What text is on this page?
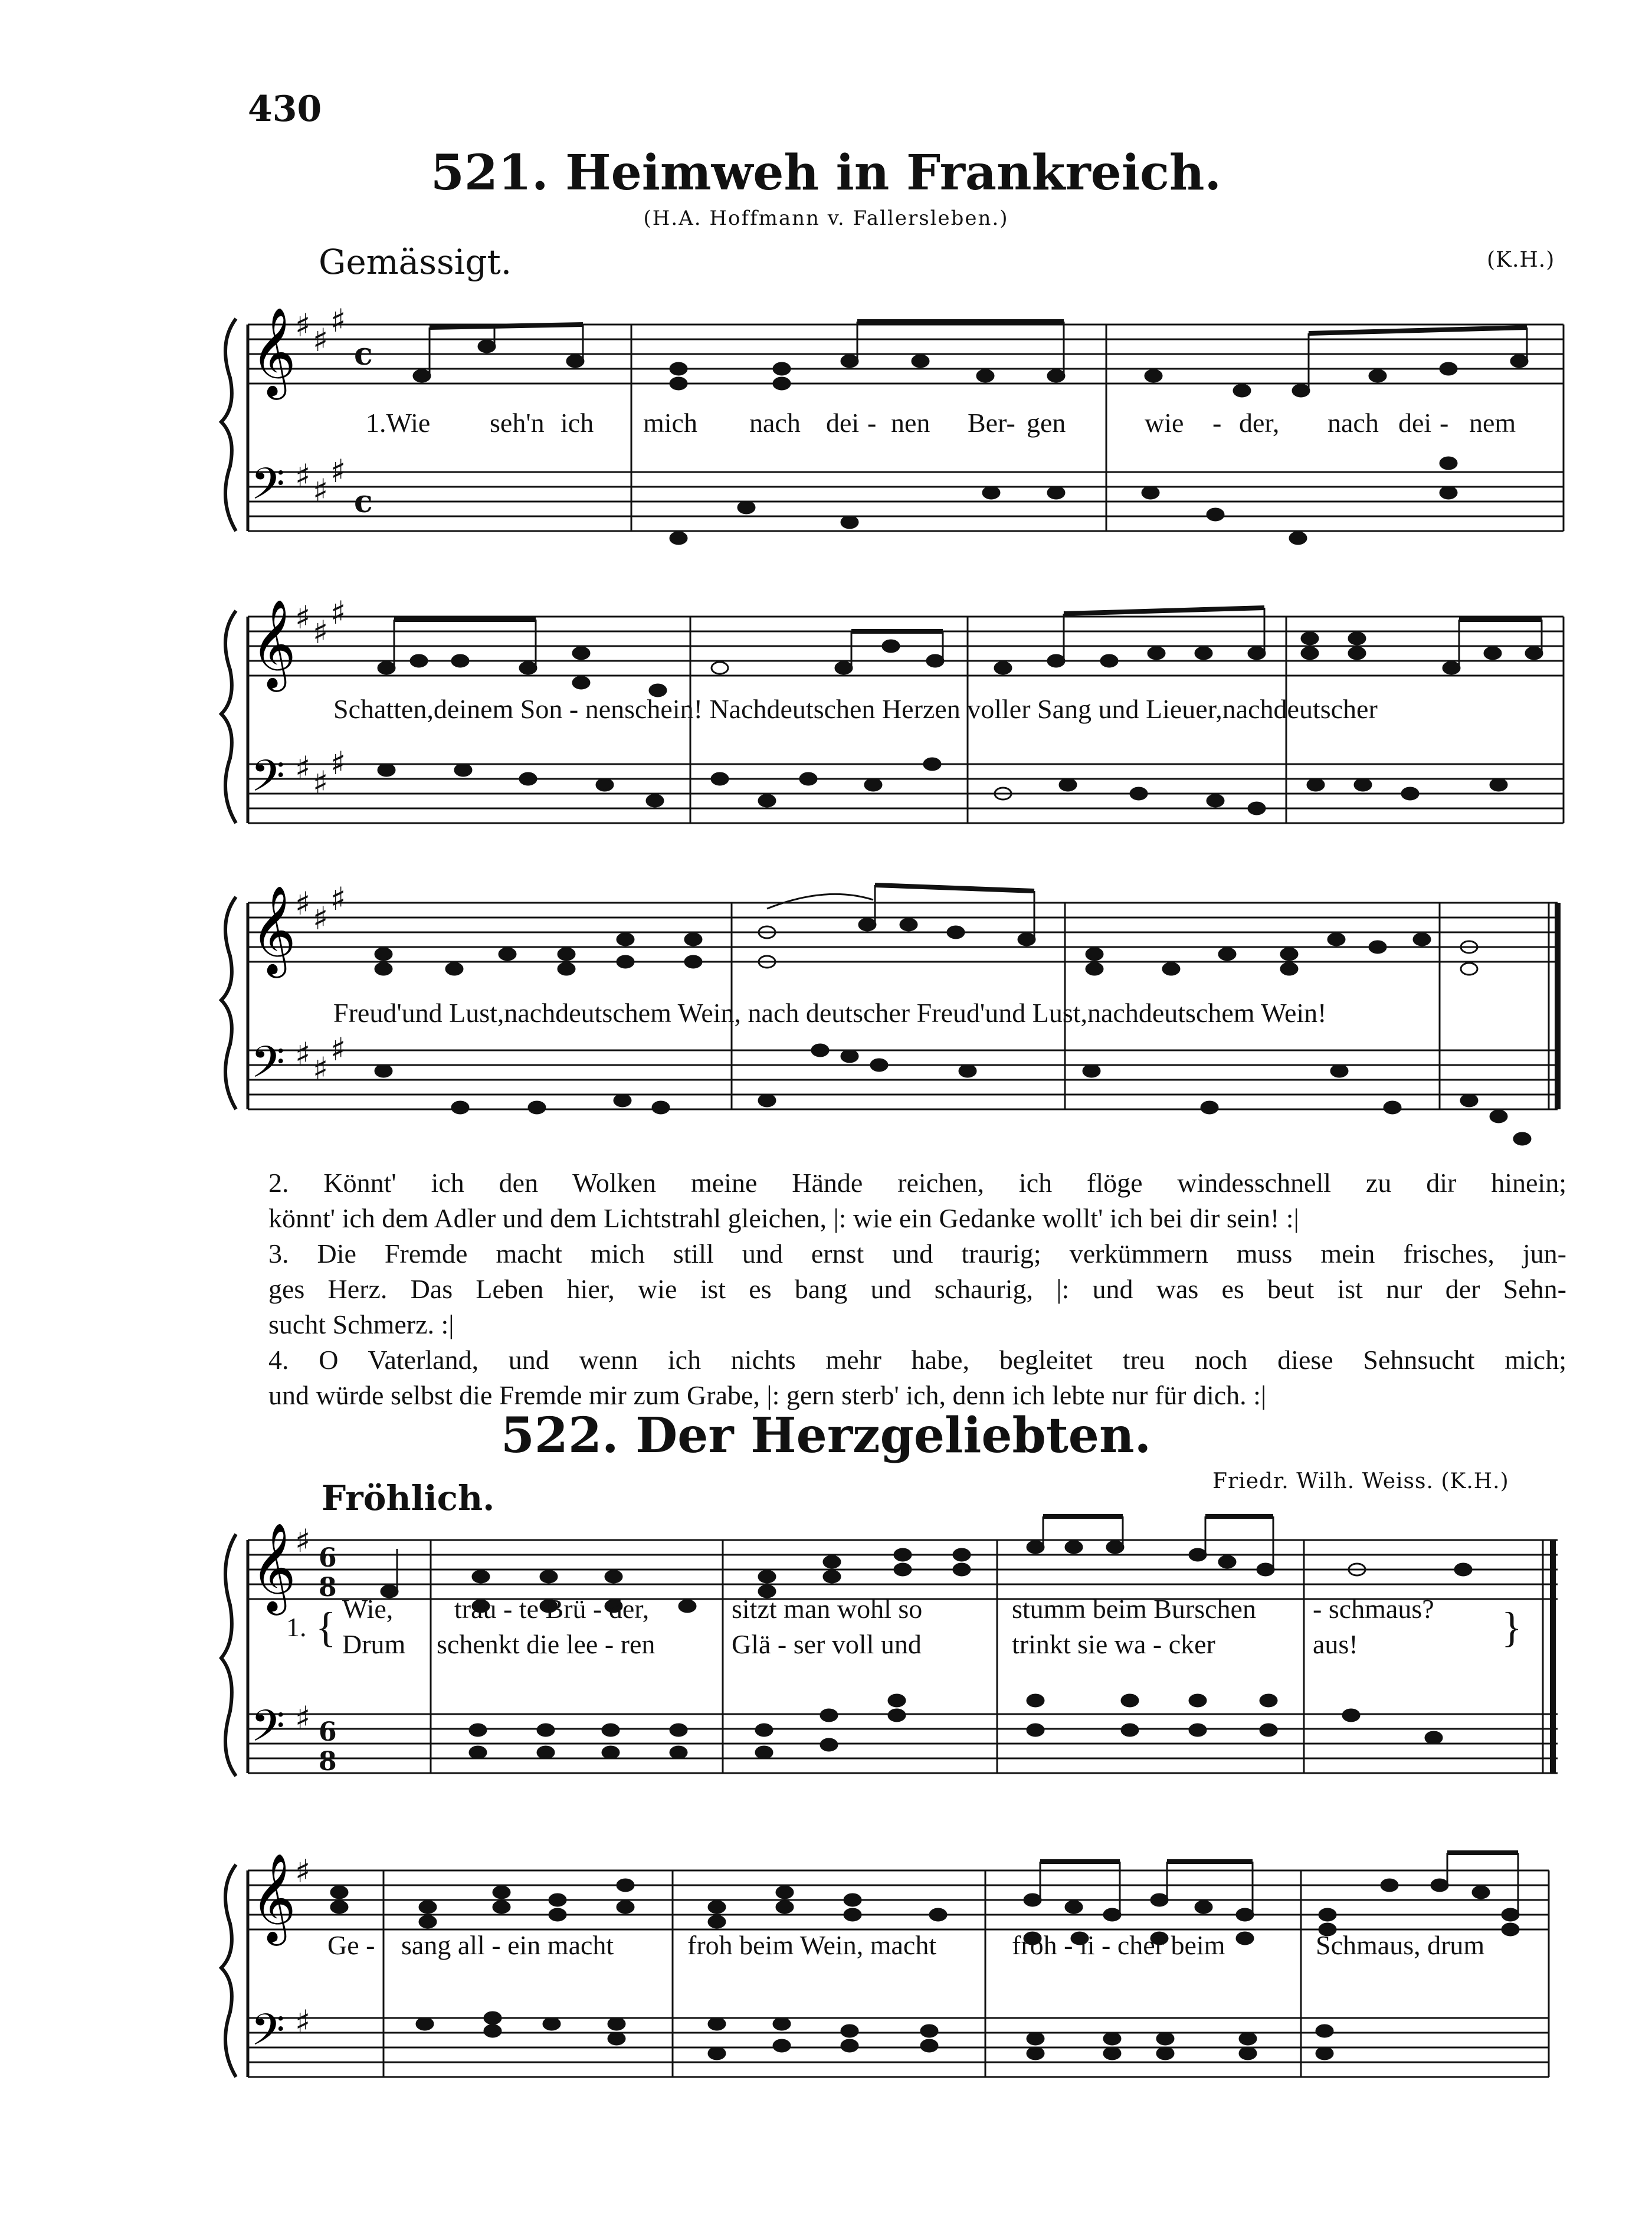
430
521. Heimweh in Frankreich.
(H.A. Hoffmann v. Fallersleben.)
Gemässigt.	(K.H.)
𝄞
𝄢
♯ ♯
♯
♯ ♯
♯
c
c
1.Wie seh'n ich mich nach dei - nen Ber- gen	wie - der, nach dei - nem
𝄞
𝄢
♯ ♯
♯
♯ ♯
♯
Schatten,deinem Son - nenschein! Nachdeutschen Herzen voller Sang und Lieuer,nachdeutscher
𝄞
𝄢
♯ ♯
♯
♯ ♯
♯
Freud'und Lust,nachdeutschem Wein, nach deutscher Freud'und Lust,nachdeutschem Wein!
2. Könnt' ich den Wolken meine Hände reichen, ich flöge windesschnell zu dir hinein;
könnt' ich dem Adler und dem Lichtstrahl gleichen, |: wie ein Gedanke wollt' ich bei dir sein! :|
3. Die Fremde macht mich still und ernst und traurig; verkümmern muss mein frisches, jun-
ges Herz. Das Leben hier, wie ist es bang und schaurig, |: und was es beut ist nur der Sehn-
sucht Schmerz. :|
4. O Vaterland, und wenn ich nichts mehr habe, begleitet treu noch diese Sehnsucht mich;
und würde selbst die Fremde mir zum Grabe, |: gern sterb' ich, denn ich lebte nur für dich. :|
522. Der Herzgeliebten.
Fröhlich.	Friedr. Wilh. Weiss. (K.H.)
𝄞
𝄢
♯
♯
6
8
6
8
1. {	}
Wie, trau - te Brü - der,	sitzt man wohl so	stumm beim Burschen - schmaus?
Drum schenkt die lee - ren	Glä - ser voll und	trinkt sie wa - cker	aus!
𝄞
𝄢
♯
♯
Ge - sang all - ein macht	froh beim Wein, macht	fröh - li - cher beim	Schmaus, drum
